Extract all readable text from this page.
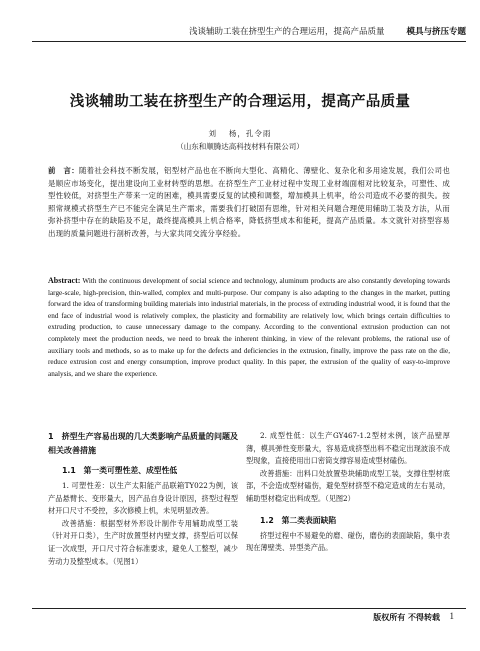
浅谈辅助工装在挤型生产的合理运用，提高产品质量	模具与挤压专题
浅谈辅助工装在挤型生产的合理运用，提高产品质量
刘　 杨，孔令雨
（山东和顺腾达高科技材料有限公司）
前　言：随着社会科技不断发展，铝型材产品也在不断向大型化、高精化、薄壁化、复杂化和多用途发展，我们公司也是顺应市场变化，提出建设向工业材转型的思想。在挤型生产工业材过程中发现工业材端面相对比较复杂，可塑性、成型性较低，对挤型生产带来一定的困难，模具需要反复的试模和调整，增加模具上机率，给公司造成不必要的损失。按照常规模式挤型生产已不能完全满足生产需求，需要我们打破固有思维，针对相关问题合理使用辅助工装及方法，从而弥补挤型中存在的缺陷及不足，最终提高模具上机合格率，降低挤型成本和能耗，提高产品质量。本文就针对挤型容易出现的质量问题进行剖析改善，与大家共同交流分享经验。
Abstract: With the continuous development of social science and technology, aluminum products are also constantly developing towards large-scale, high-precision, thin-walled, complex and multi-purpose. Our company is also adapting to the changes in the market, putting forward the idea of transforming building materials into industrial materials, in the process of extruding industrial wood, it is found that the end face of industrial wood is relatively complex, the plasticity and formability are relatively low, which brings certain difficulties to extruding production, to cause unnecessary damage to the company. According to the conventional extrusion production can not completely meet the production needs, we need to break the inherent thinking, in view of the relevant problems, the rational use of auxiliary tools and methods, so as to make up for the defects and deficiencies in the extrusion, finally, improve the pass rate on the die, reduce extrusion cost and energy consumption, improve product quality. In this paper, the extrusion of the quality of easy-to-improve analysis, and we share the experience.
1　挤型生产容易出现的几大类影响产品质量的问题及相关改善措施
1.1　第一类可塑性差、成型性低

1. 可塑性差：以生产太阳能产品联箱TY022为例，该产品悬臂长、变形量大，因产品自身设计原因，挤型过程型材开口尺寸不受控，多次修模上机，未见明显改善。

改善措施：根据型材外形设计制作专用辅助成型工装（针对开口类），生产时放置型材内壁支撑，挤型后可以保证一次成型，开口尺寸符合标准要求，避免人工整型，减少劳动力及整型成本。（见图1）

2. 成型性低：以生产GY467-1.2型材未例，该产品壁厚薄，模具弹性变形量大，容易造成挤型出料不稳定出现波浪不成型现象，直接使用出口密筒支撑容易造成型材磕伤。

改善措施：出料口处放置垫块辅助成型工装，支撑住型材底部，不会造成型材磕伤，避免型材挤型不稳定造成的左右晃动，辅助型材稳定出料成型。（见图2）

1.2　第二类表面缺陷

挤型过程中不易避免的磨、碰伤，磨伤的表面缺陷，集中表现在薄壁类、异型类产品。

版权所有 不得转载 1
